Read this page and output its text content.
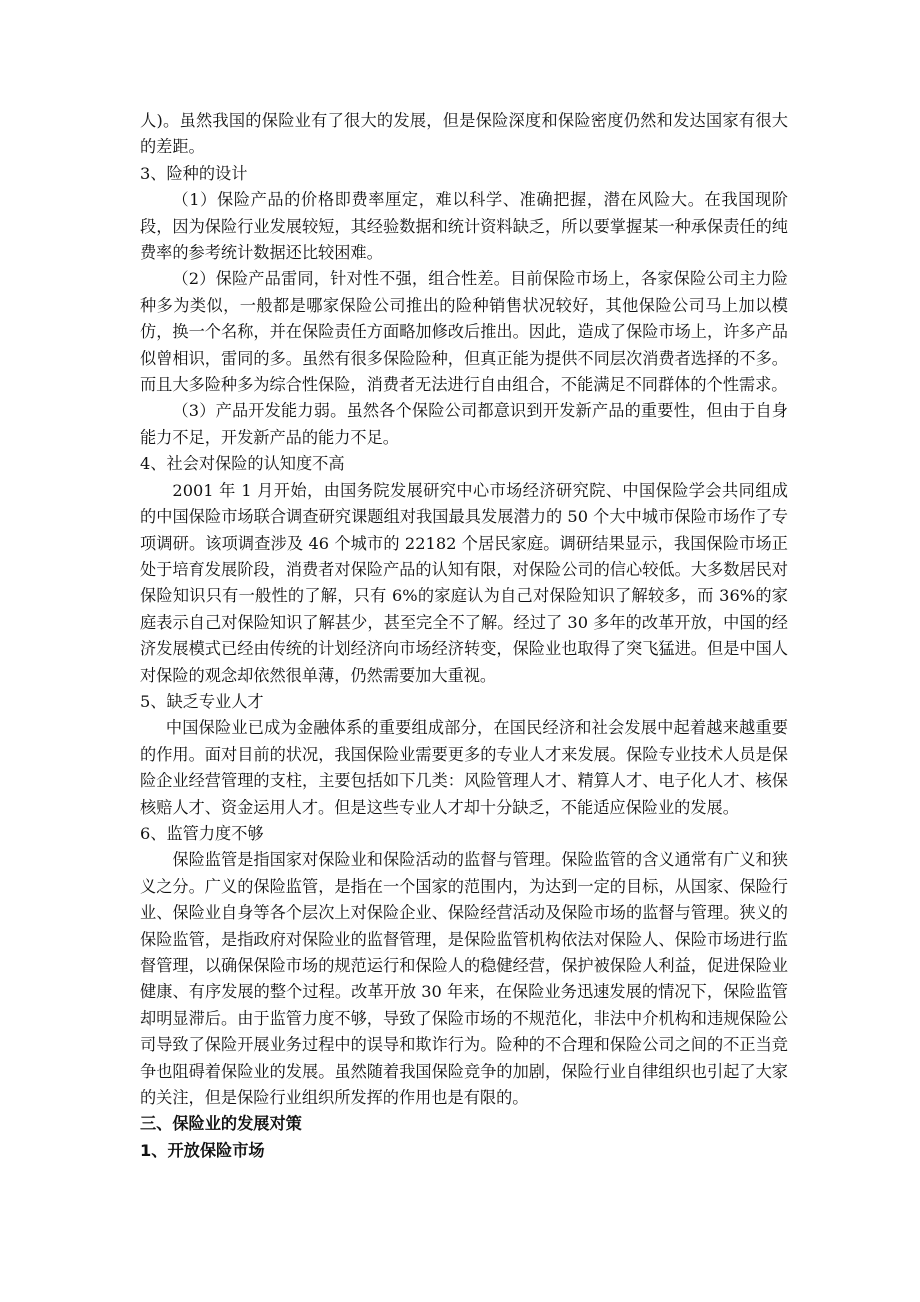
人)。虽然我国的保险业有了很大的发展，但是保险深度和保险密度仍然和发达国家有很大的差距。

3、险种的设计

（1）保险产品的价格即费率厘定，难以科学、准确把握，潜在风险大。在我国现阶段，因为保险行业发展较短，其经验数据和统计资料缺乏，所以要掌握某一种承保责任的纯费率的参考统计数据还比较困难。

（2）保险产品雷同，针对性不强，组合性差。目前保险市场上，各家保险公司主力险种多为类似，一般都是哪家保险公司推出的险种销售状况较好，其他保险公司马上加以模仿，换一个名称，并在保险责任方面略加修改后推出。因此，造成了保险市场上，许多产品似曾相识，雷同的多。虽然有很多保险险种，但真正能为提供不同层次消费者选择的不多。而且大多险种多为综合性保险，消费者无法进行自由组合，不能满足不同群体的个性需求。

（3）产品开发能力弱。虽然各个保险公司都意识到开发新产品的重要性，但由于自身能力不足，开发新产品的能力不足。

4、社会对保险的认知度不高

2001 年 1 月开始，由国务院发展研究中心市场经济研究院、中国保险学会共同组成的中国保险市场联合调查研究课题组对我国最具发展潜力的 50 个大中城市保险市场作了专项调研。该项调查涉及 46 个城市的 22182 个居民家庭。调研结果显示，我国保险市场正处于培育发展阶段，消费者对保险产品的认知有限，对保险公司的信心较低。大多数居民对保险知识只有一般性的了解，只有 6%的家庭认为自己对保险知识了解较多，而 36%的家庭表示自己对保险知识了解甚少，甚至完全不了解。经过了 30 多年的改革开放，中国的经济发展模式已经由传统的计划经济向市场经济转变，保险业也取得了突飞猛进。但是中国人对保险的观念却依然很单薄，仍然需要加大重视。

5、缺乏专业人才

中国保险业已成为金融体系的重要组成部分，在国民经济和社会发展中起着越来越重要的作用。面对目前的状况，我国保险业需要更多的专业人才来发展。保险专业技术人员是保险企业经营管理的支柱，主要包括如下几类：风险管理人才、精算人才、电子化人才、核保核赔人才、资金运用人才。但是这些专业人才却十分缺乏，不能适应保险业的发展。

6、监管力度不够

保险监管是指国家对保险业和保险活动的监督与管理。保险监管的含义通常有广义和狭义之分。广义的保险监管，是指在一个国家的范围内，为达到一定的目标，从国家、保险行业、保险业自身等各个层次上对保险企业、保险经营活动及保险市场的监督与管理。狭义的保险监管，是指政府对保险业的监督管理，是保险监管机构依法对保险人、保险市场进行监督管理，以确保保险市场的规范运行和保险人的稳健经营，保护被保险人利益，促进保险业健康、有序发展的整个过程。改革开放 30 年来，在保险业务迅速发展的情况下，保险监管却明显滞后。由于监管力度不够，导致了保险市场的不规范化，非法中介机构和违规保险公司导致了保险开展业务过程中的误导和欺诈行为。险种的不合理和保险公司之间的不正当竞争也阻碍着保险业的发展。虽然随着我国保险竞争的加剧，保险行业自律组织也引起了大家的关注，但是保险行业组织所发挥的作用也是有限的。

三、保险业的发展对策

1、开放保险市场
